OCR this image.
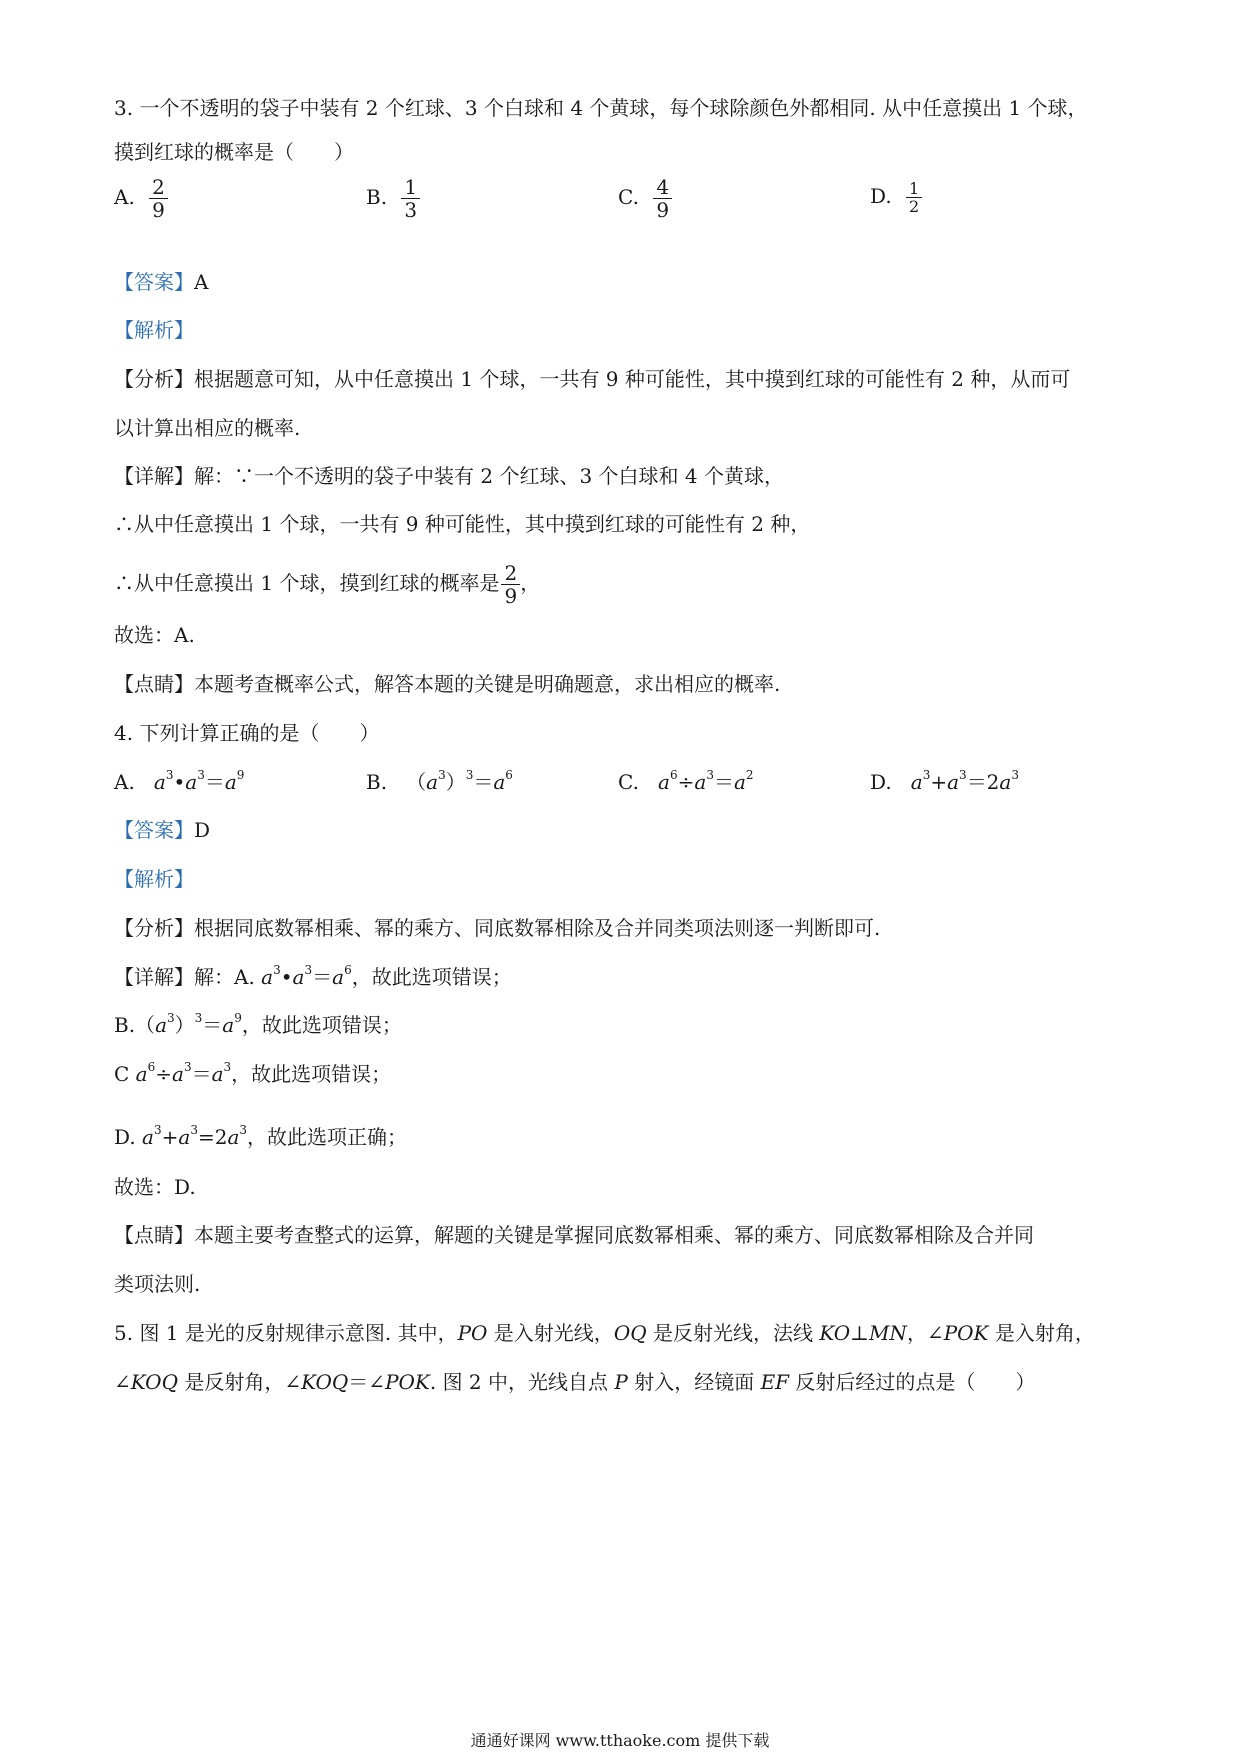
3. 一个不透明的袋子中装有 2 个红球、3 个白球和 4 个黄球，每个球除颜色外都相同. 从中任意摸出 1 个球，
摸到红球的概率是（　　）
A. $\frac{2}{9}$	B. $\frac{1}{3}$	C. $\frac{4}{9}$	D. $\frac{1}{2}$
【答案】A
【解析】
【分析】根据题意可知，从中任意摸出 1 个球，一共有 9 种可能性，其中摸到红球的可能性有 2 种，从而可
以计算出相应的概率.
【详解】解：∵一个不透明的袋子中装有 2 个红球、3 个白球和 4 个黄球，
∴从中任意摸出 1 个球，一共有 9 种可能性，其中摸到红球的可能性有 2 种，
∴从中任意摸出 1 个球，摸到红球的概率是 $\frac{2}{9}$ ，
故选：A.
【点睛】本题考查概率公式，解答本题的关键是明确题意，求出相应的概率.
4. 下列计算正确的是（　　）
A.   $a^3•a^3=a^9$	B.   $(a^3)^3=a^6$	C.   $a^6\div a^3=a^2$	D.   $a^3+a^3=2a^3$
【答案】D
【解析】
【分析】根据同底数幂相乘、幂的乘方、同底数幂相除及合并同类项法则逐一判断即可.
【详解】解：A. $a^3•a^3=a^6$，故此选项错误；
$B.(a^3)^3=a^9$，故此选项错误；
C $a^6\div a^3=a^3$，故此选项错误；
D. $a^3+a^3=2a^3$，故此选项正确；
故选：D.
【点睛】本题主要考查整式的运算，解题的关键是掌握同底数幂相乘、幂的乘方、同底数幂相除及合并同
类项法则.
5. 图 1 是光的反射规律示意图. 其中，PO 是入射光线，OQ 是反射光线，法线 KO⊥MN，∠POK 是入射角，
∠KOQ 是反射角，∠KOQ＝∠POK. 图 2 中，光线自点 P 射入，经镜面 EF 反射后经过的点是（　　）
通通好课网 www.tthaoke.com 提供下载
